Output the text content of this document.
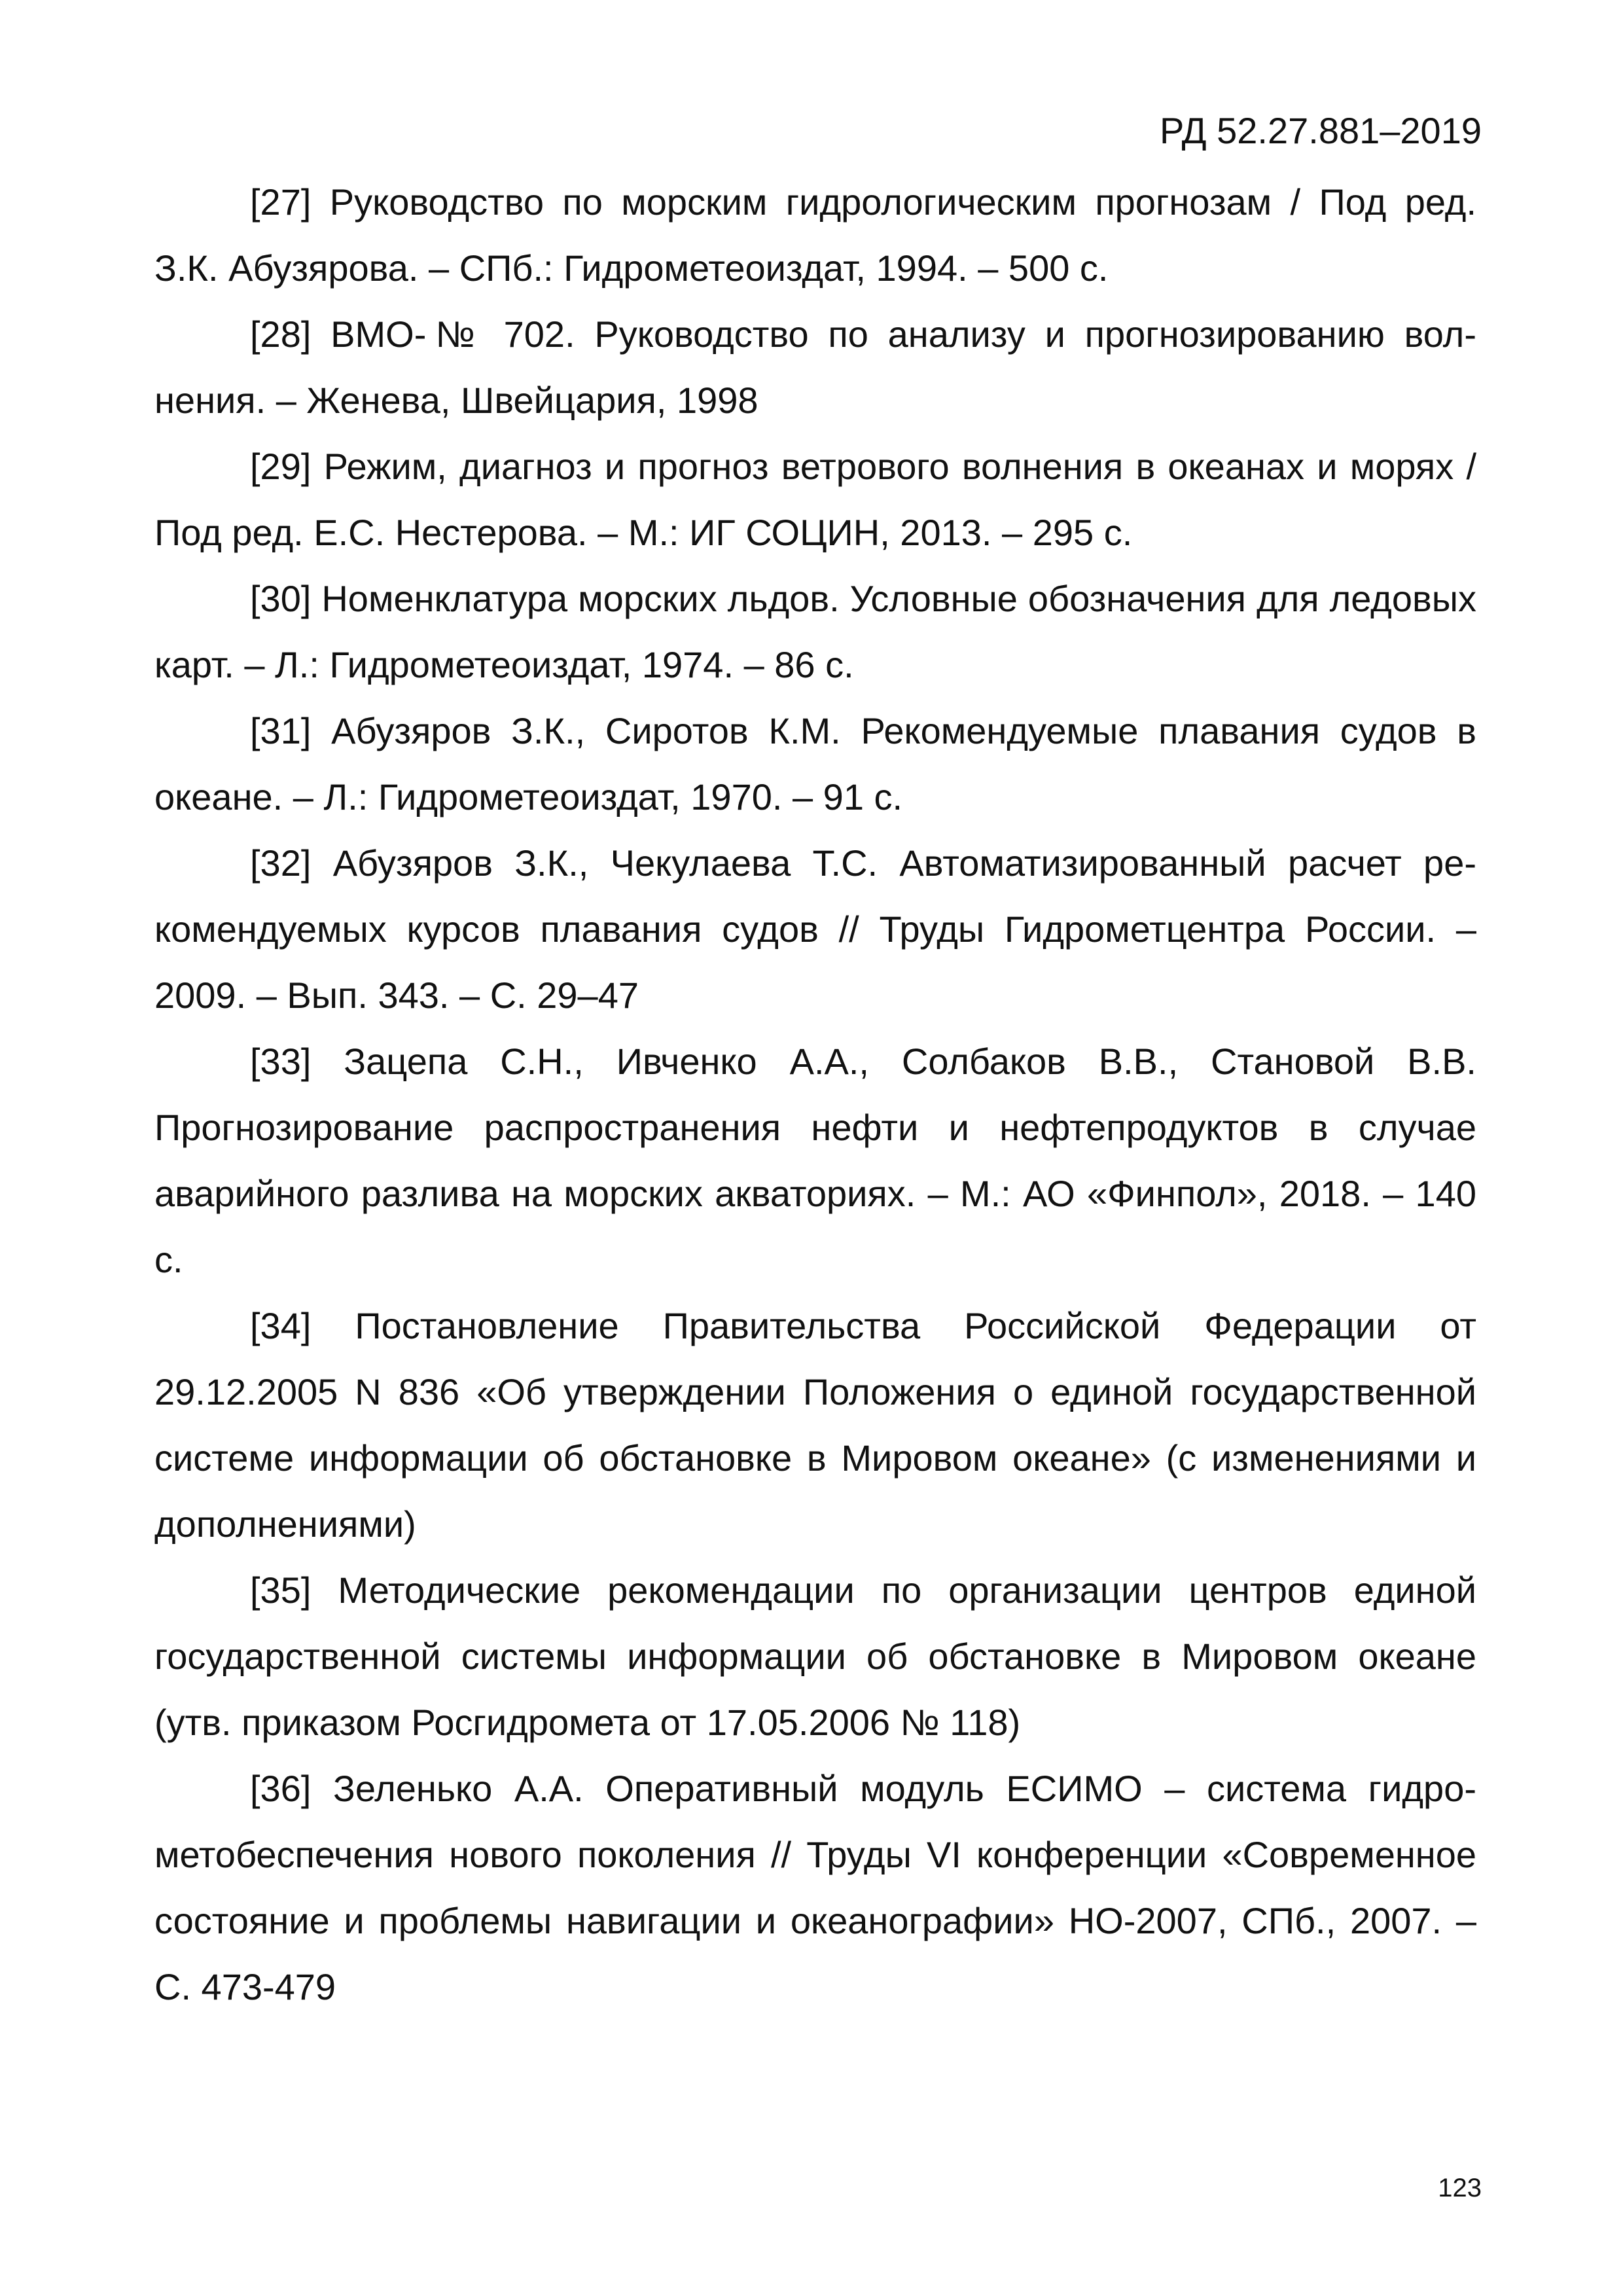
РД 52.27.881–2019

[27] Руководство по морским гидрологическим прогнозам / Под ред. З.К. Абузярова. – СПб.: Гидрометеоиздат, 1994. – 500 с.

[28] ВМО-№ 702. Руководство по анализу и прогнозированию волнения. – Женева, Швейцария, 1998

[29] Режим, диагноз и прогноз ветрового волнения в океанах и морях / Под ред. Е.С. Нестерова. – М.: ИГ СОЦИН, 2013. – 295 с.

[30] Номенклатура морских льдов. Условные обозначения для ледовых карт. – Л.: Гидрометеоиздат, 1974. – 86 с.

[31] Абузяров З.К., Сиротов К.М. Рекомендуемые плавания судов в океане. – Л.: Гидрометеоиздат, 1970. – 91 с.

[32] Абузяров З.К., Чекулаева Т.С. Автоматизированный расчет рекомендуемых курсов плавания судов // Труды Гидрометцентра России. – 2009. – Вып. 343. – С. 29–47

[33] Зацепа С.Н., Ивченко А.А., Солбаков В.В., Становой В.В. Прогнозирование распространения нефти и нефтепродуктов в случае аварийного разлива на морских акваториях. – М.: АО «Финпол», 2018. – 140 с.

[34] Постановление Правительства Российской Федерации от 29.12.2005 N 836 «Об утверждении Положения о единой государственной системе информации об обстановке в Мировом океане» (с изменениями и дополнениями)

[35] Методические рекомендации по организации центров единой государственной системы информации об обстановке в Мировом океане (утв. приказом Росгидромета от 17.05.2006 № 118)

[36] Зеленько А.А. Оперативный модуль ЕСИМО – система гидрометобеспечения нового поколения // Труды VI конференции «Современное состояние и проблемы навигации и океанографии» НО-2007, СПб., 2007. – С. 473-479

123
